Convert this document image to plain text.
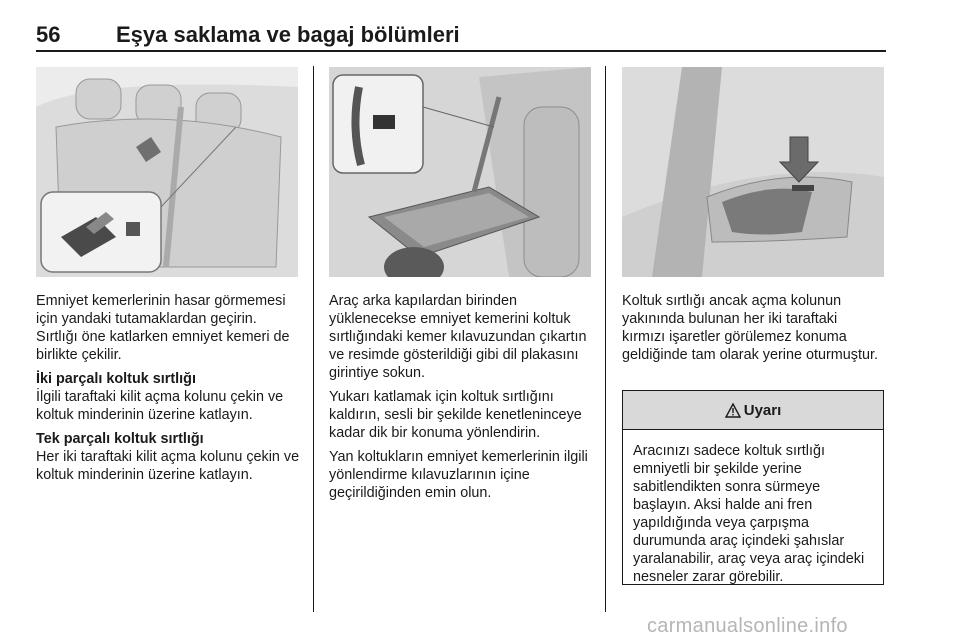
56	Eşya saklama ve bagaj bölümleri

Emniyet kemerlerinin hasar görmemesi için yandaki tutamaklardan geçirin. Sırtlığı öne katlarken emniyet kemeri de birlikte çekilir.

İki parçalı koltuk sırtlığı

İlgili taraftaki kilit açma kolunu çekin ve koltuk minderinin üzerine katlayın.

Tek parçalı koltuk sırtlığı

Her iki taraftaki kilit açma kolunu çekin ve koltuk minderinin üzerine katlayın.

Araç arka kapılardan birinden yüklenecekse emniyet kemerini koltuk sırtlığındaki kemer kılavuzundan çıkartın ve resimde gösterildiği gibi dil plakasını girintiye sokun.

Yukarı katlamak için koltuk sırtlığını kaldırın, sesli bir şekilde kenetleninceye kadar dik bir konuma yönlendirin.

Yan koltukların emniyet kemerlerinin ilgili yönlendirme kılavuzlarının içine geçirildiğinden emin olun.

Koltuk sırtlığı ancak açma kolunun yakınında bulunan her iki taraftaki kırmızı işaretler görülemez konuma geldiğinde tam olarak yerine oturmuştur.

Uyarı
Aracınızı sadece koltuk sırtlığı emniyetli bir şekilde yerine sabitlendikten sonra sürmeye başlayın. Aksi halde ani fren yapıldığında veya çarpışma durumunda araç içindeki şahıslar yaralanabilir, araç veya araç içindeki nesneler zarar görebilir.
carmanualsonline.info
